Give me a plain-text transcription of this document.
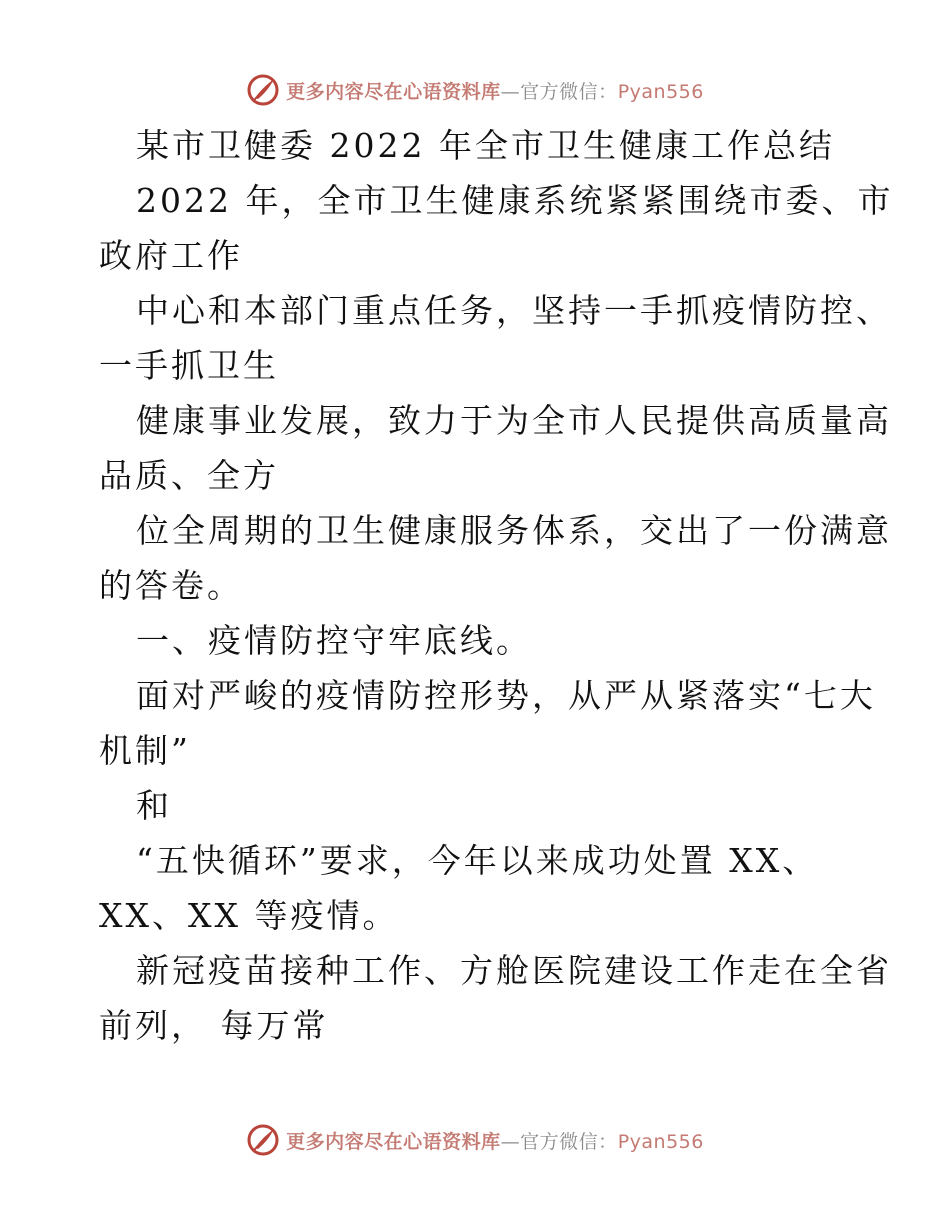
更多内容尽在心语资料库—官方微信：Pyan556
某市卫健委 2022 年全市卫生健康工作总结
2022 年，全市卫生健康系统紧紧围绕市委、市
政府工作
中心和本部门重点任务，坚持一手抓疫情防控、
一手抓卫生
健康事业发展，致力于为全市人民提供高质量高
品质、全方
位全周期的卫生健康服务体系，交出了一份满意
的答卷。
一、疫情防控守牢底线。
面对严峻的疫情防控形势，从严从紧落实“七大
机制”
和
“五快循环”要求，今年以来成功处置 XX、
XX、XX 等疫情。
新冠疫苗接种工作、方舱医院建设工作走在全省
前列， 每万常
更多内容尽在心语资料库—官方微信：Pyan556
